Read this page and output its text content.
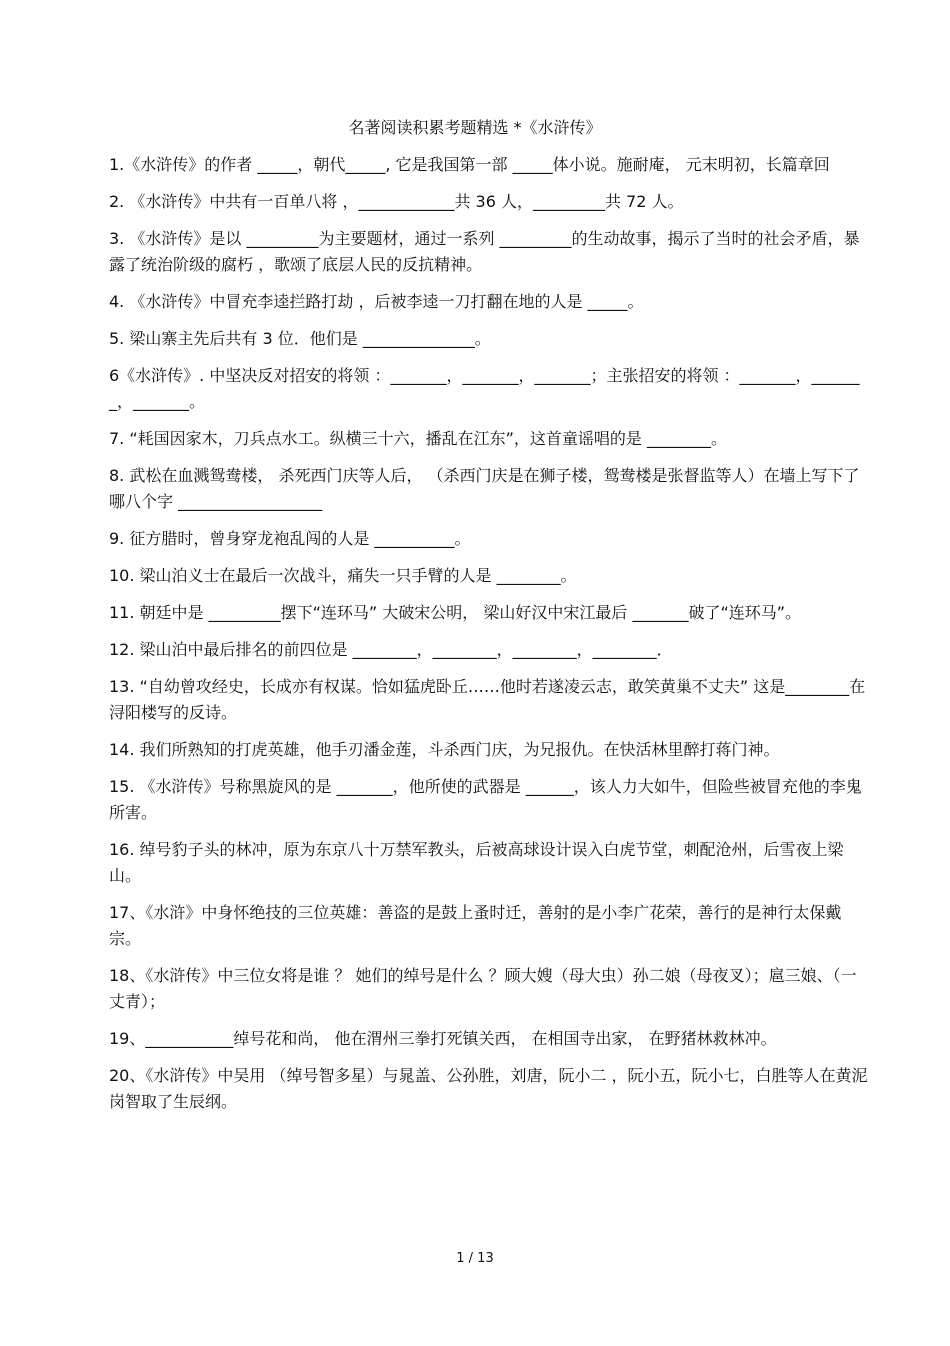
名著阅读积累考题精选 *《水浒传》

1.《水浒传》的作者 _____，朝代_____, 它是我国第一部 _____体小说。施耐庵， 元末明初，长篇章回

2. 《水浒传》中共有一百单八将 ，____________共 36 人，_________共 72 人。

3. 《水浒传》是以 _________为主要题材，通过一系列 _________的生动故事，揭示了当时的社会矛盾，暴露了统治阶级的腐朽 ，歌颂了底层人民的反抗精神。

4. 《水浒传》中冒充李逵拦路打劫 ，后被李逵一刀打翻在地的人是 _____。

5. 梁山寨主先后共有 3 位．他们是 ______________。

6《水浒传》. 中坚决反对招安的将领 ：_______，_______，_______；主张招安的将领 ：_______，_______，_______。

7. “耗国因家木，刀兵点水工。纵横三十六，播乱在江东”，这首童谣唱的是 ________。

8. 武松在血溅鸳鸯楼， 杀死西门庆等人后， （杀西门庆是在狮子楼，鸳鸯楼是张督监等人）在墙上写下了哪八个字 __________________

9. 征方腊时，曾身穿龙袍乱闯的人是 __________。

10. 梁山泊义士在最后一次战斗，痛失一只手臂的人是 ________。

11. 朝廷中是 _________摆下“连环马” 大破宋公明， 梁山好汉中宋江最后 _______破了“连环马”。

12. 梁山泊中最后排名的前四位是 ________，________，________，________．

13. “自幼曾攻经史，长成亦有权谋。恰如猛虎卧丘……他时若遂凌云志，敢笑黄巢不丈夫” 这是________在浔阳楼写的反诗。

14. 我们所熟知的打虎英雄，他手刃潘金莲，斗杀西门庆，为兄报仇。在快活林里醉打蒋门神。

15. 《水浒传》号称黑旋风的是 _______，他所使的武器是 ______，该人力大如牛，但险些被冒充他的李鬼所害。

16. 绰号豹子头的林冲，原为东京八十万禁军教头，后被高球设计误入白虎节堂，刺配沧州，后雪夜上梁山。

17、《水浒》中身怀绝技的三位英雄：善盗的是鼓上蚤时迁，善射的是小李广花荣，善行的是神行太保戴宗。

18、《水浒传》中三位女将是谁 ？ 她们的绰号是什么 ？顾大嫂（母大虫）孙二娘（母夜叉）；扈三娘、（一丈青）；

19、___________绰号花和尚， 他在渭州三拳打死镇关西， 在相国寺出家， 在野猪林救林冲。

20、《水浒传》中吴用 （绰号智多星）与晁盖、公孙胜，刘唐，阮小二 ，阮小五，阮小七，白胜等人在黄泥岗智取了生辰纲。

1 / 13
